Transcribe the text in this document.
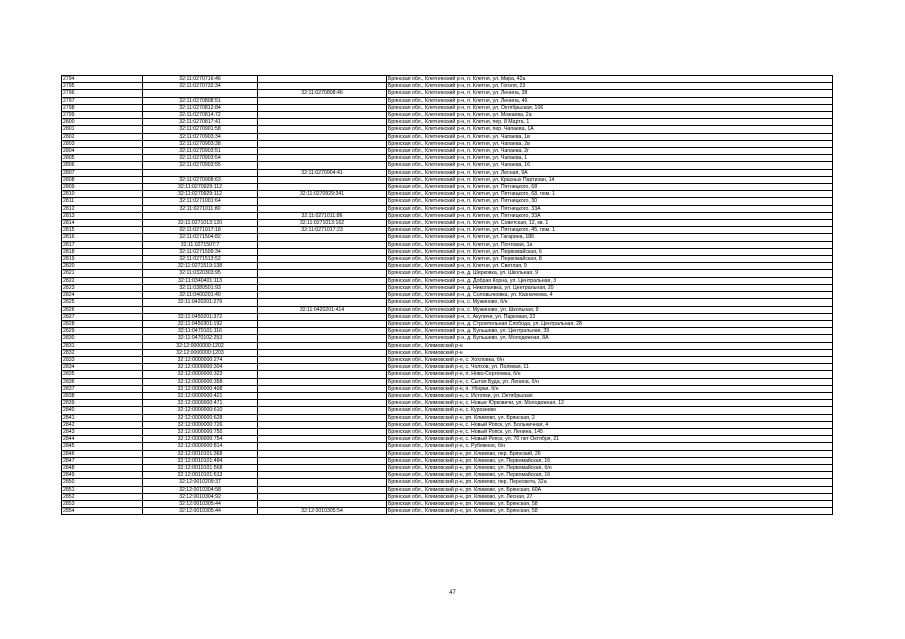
2794	32:11:0270716:46		Брянская обл., Клетнянский р-н, п. Клетня, ул. Мира, 42а
2795	32:11:0270732:34		Брянская обл., Клетнянский р-н, п. Клетня, ул. Гоголя, 23
2796		32:11:0270808:46	Брянская обл., Клетнянский р-н, п. Клетня, ул. Ленина, 38
2797	32:11:0270808:51		Брянская обл., Клетнянский р-н, п. Клетня, ул. Ленина, 46
2798	32:11:0270812:84		Брянская обл., Клетнянский р-н, п. Клетня, ул. Октябрьская, 106
2799	32:11:0270814:72		Брянская обл., Клетнянский р-н, п. Клетня, ул. Можаева, 2а
2800	32:11:0270817:41		Брянская обл., Клетнянский р-н, п. Клетня, пер. 8 Марта, 1
2801	32:11:0270901:58		Брянская обл., Клетнянский р-н, п. Клетня, пер. Чапаева, 1А
2802	32:11:0270903:34		Брянская обл., Клетнянский р-н, п. Клетня, ул. Чапаева, 1в
2803	32:11:0270903:38		Брянская обл., Клетнянский р-н, п. Клетня, ул. Чапаева, 2в
2804	32:11:0270903:51		Брянская обл., Клетнянский р-н, п. Клетня, ул. Чапаева, 2г
2805	32:11:0270903:54		Брянская обл., Клетнянский р-н, п. Клетня, ул. Чапаева, 1
2806	32:11:0270903:55		Брянская обл., Клетнянский р-н, п. Клетня, ул. Чапаева, 16
2807		32:11:0270904:41	Брянская обл., Клетнянский р-н, п. Клетня, ул. Лесная, 9А
2808	32:11:0270908:63		Брянская обл., Клетнянский р-н, п. Клетня, ул. Красных Партизан, 14
2809	32:11:0270929:112		Брянская обл., Клетнянский р-н, п. Клетня, ул. Пятницкого, 68
2810	32:11:0270929:112	32:11:0270929:341	Брянская обл., Клетнянский р-н, п. Клетня, ул. Пятницкого, 68, пом. 1
2811	32:11:0271001:64		Брянская обл., Клетнянский р-н, п. Клетня, ул. Пятницкого, 30
2812	32:11:0271011:80		Брянская обл., Клетнянский р-н, п. Клетня, ул. Пятницкого, 33А
2813		32:11:0271011:86	Брянская обл., Клетнянский р-н, п. Клетня, ул. Пятницкого, 33А
2814	32:11:0271013:120	32:11:0271013:162	Брянская обл., Клетнянский р-н, п. Клетня, ул. Советская, 12, кв. 1
2815	32:11:0271017:18	32:11:0271017:23	Брянская обл., Клетнянский р-н, п. Клетня, ул. Пятницкого, 45, пом. 1
2816	32:11:0271504:82		Брянская обл., Клетнянский р-н, п. Клетня, ул. Гагарина, 186
2817	32:11:0271507:7		Брянская обл., Клетнянский р-н, п. Клетня, ул. Почтовая, 1а
2818	32:11:0271509:34		Брянская обл., Клетнянский р-н, п. Клетня, ул. Первомайская, 6
2819	32:11:0271513:52		Брянская обл., Клетнянский р-н, п. Клетня, ул. Первомайская, 8
2820	32:11:0271519:138		Брянская обл., Клетнянский р-н, п. Клетня, ул. Светлая, 9
2821	32:11:0320303:95		Брянская обл., Клетнянский р-н, д. Ширковка, ул. Школьная, 9
2822	32:11:0340401:113		Брянская обл., Клетнянский р-н, д. Добрая Корна, ул. Центральная, 3
2823	32:11:0380501:93		Брянская обл., Клетнянский р-н, д. Николаевка, ул. Центральная, 20
2824	32:11:0400201:40		Брянская обл., Клетнянский р-н, д. Соловьяновка, ул. Казначеева, 4
2825	32:11:0420201:279		Брянская обл., Клетнянский р-н, с. Мужиново, б/н
2826		32:11:0420201:414	Брянская обл., Клетнянский р-н, с. Мужиново, ул. Школьная, 9
2827	32:11:0450201:372		Брянская обл., Клетнянский р-н, с. Акуличи, ул. Парковая, 22
2828	32:11:0450301:192		Брянская обл., Клетнянский р-н, д. Строительная Слобода, ул. Центральная, 28
2829	32:11:0470101:116		Брянская обл., Клетнянский р-н, д. Бульшево, ул. Центральная, 39
2830	32:11:0470102:253		Брянская обл., Клетнянский р-н, д. Бульшево, ул. Молодежная, 8А
2831	32:12:0000000:1202		Брянская обл., Климовский р-н
2832	32:12:0000000:1203		Брянская обл., Климовский р-н
2833	32:12:0000000:274		Брянская обл., Климовский р-н, с. Хохловка, б/н
2834	32:12:0000000:304		Брянская обл., Климовский р-н, с. Чолхов, ул. Полевая, 11
2835	32:12:0000000:323		Брянская обл., Климовский р-н, п. Ново-Сергеевка, б/н
2836	32:12:0000000:358		Брянская обл., Климовский р-н, с. Сытая Буда, ул. Ленина, б/н
2837	32:12:0000000:408		Брянская обл., Климовский р-н, п. Уборки, б/н
2838	32:12:0000000:421		Брянская обл., Климовский р-н, с. Истопки, ул. Октябрьская
2839	32:12:0000000:471		Брянская обл., Климовский р-н, с. Новые Юрковичи, ул. Молодежная, 12
2840	32:12:0000000:610		Брянская обл., Климовский р-н, с. Курознево
2841	32:12:0000000:628		Брянская обл., Климовский р-н, рп. Климово, ул. Брянская, 2
2842	32:12:0000000:726		Брянская обл., Климовский р-н, с. Новый Ропск, ул. Больничная, 4
2843	32:12:0000000:750		Брянская обл., Климовский р-н, с. Новый Ропск, ул. Ленина, 145
2844	32:12:0000000:754		Брянская обл., Климовский р-н, с. Новый Ропск, ул. 70 лет Октября, 21
2845	32:12:0000000:814		Брянская обл., Климовский р-н, с. Рубежное, б/н
2846	32:12:0010101:368		Брянская обл., Климовский р-н, рп. Климово, пер. Брянский, 26
2847	32:12:0010101:484		Брянская обл., Климовский р-н, рп. Климово, ул. Первомайская, 16
2848	32:12:0010101:568		Брянская обл., Климовский р-н, рп. Климово, ул. Первомайская, б/н
2849	32:12:0010101:613		Брянская обл., Климовский р-н, рп. Климово, ул. Первомайская, 16
2850	32:12:0010209:37		Брянская обл., Климовский р-н, рп. Климово, пер. Пересвета, 32а
2851	32:12:0010304:58		Брянская обл., Климовский р-н, рп. Климово, ул. Брянская, 60А
2852	32:12:0010304:92		Брянская обл., Климовский р-н, рп. Климово, ул. Лесная, 27
2853	32:12:0010305:44		Брянская обл., Климовский р-н, рп. Климово, ул. Брянская, 58
2854	32:12:0010305:44	32:12:0010305:54	Брянская обл., Климовский р-н, рп. Климово, ул. Брянская, 58
47
